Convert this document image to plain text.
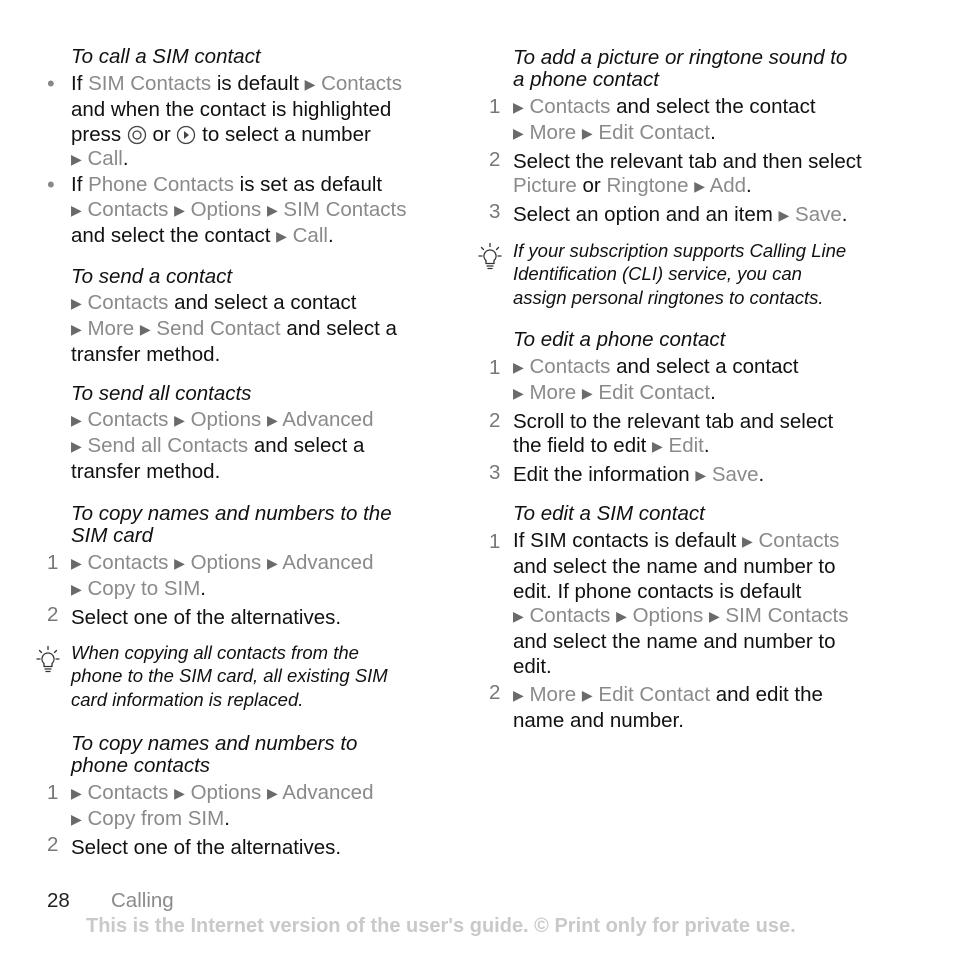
To call a SIM contact

• If SIM Contacts is default ▶ Contacts

and when the contact is highlighted

press  or  to select a number

▶ Call.

• If Phone Contacts is set as default

▶ Contacts ▶ Options ▶ SIM Contacts

and select the contact ▶ Call.

To send a contact

▶ Contacts and select a contact

▶ More ▶ Send Contact and select a

transfer method.

To send all contacts

▶ Contacts ▶ Options ▶ Advanced

▶ Send all Contacts and select a

transfer method.

To copy names and numbers to the

SIM card

▶ Contacts ▶ Options ▶ Advanced

▶ Copy to SIM.

Select one of the alternatives.

1
2

When copying all contacts from the

phone to the SIM card, all existing SIM

card information is replaced.

To copy names and numbers to

phone contacts

▶ Contacts ▶ Options ▶ Advanced

▶ Copy from SIM.

Select one of the alternatives.

1
2

To add a picture or ringtone sound to

a phone contact

▶ Contacts and select the contact

▶ More ▶ Edit Contact.

Select the relevant tab and then select

Picture or Ringtone ▶ Add.

Select an option and an item ▶ Save.

1
2
3

If your subscription supports Calling Line

Identification (CLI) service, you can

assign personal ringtones to contacts.

To edit a phone contact

▶ Contacts and select a contact

▶ More ▶ Edit Contact.

Scroll to the relevant tab and select

the field to edit ▶ Edit.

Edit the information ▶ Save.

1
2
3

To edit a SIM contact

If SIM contacts is default ▶ Contacts

and select the name and number to

edit. If phone contacts is default

▶ Contacts ▶ Options ▶ SIM Contacts

and select the name and number to

edit.

▶ More ▶ Edit Contact and edit the

name and number.

1
2
28 Calling
This is the Internet version of the user's guide. © Print only for private use.
